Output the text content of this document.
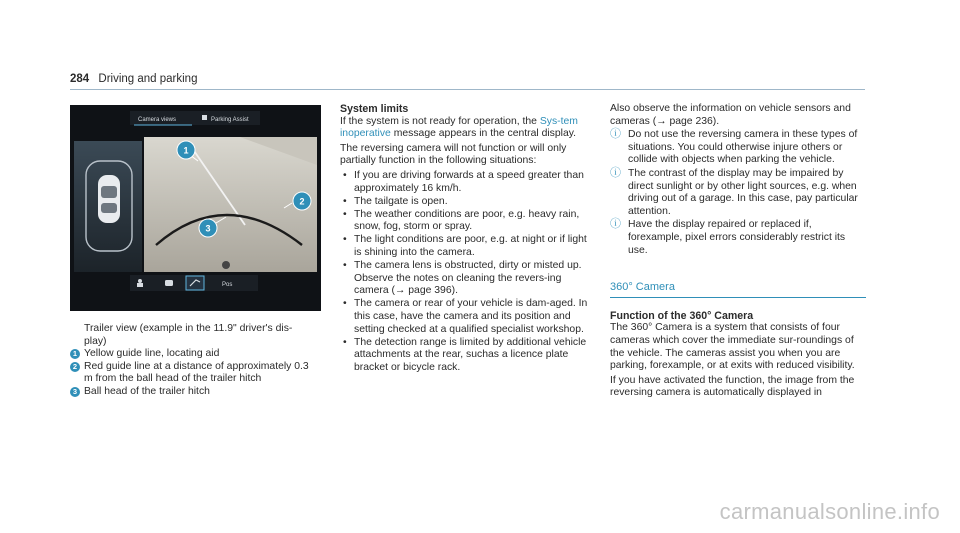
284 Driving and parking
Camera views	Parking Assist
1
2
3
Pos
Trailer view (example in the 11.9" driver's dis-
play)
1 Yellow guide line, locating aid
2 Red guide line at a distance of approximately 0.3 m from the ball head of the trailer hitch
3 Ball head of the trailer hitch
System limits

If the system is not ready for operation, the Sys-tem inoperative message appears in the central display.

The reversing camera will not function or will only partially function in the following situations:

• If you are driving forwards at a speed greater than approximately 16 km/h.
• The tailgate is open.
• The weather conditions are poor, e.g. heavy rain, snow, fog, storm or spray.
• The light conditions are poor, e.g. at night or if light is shining into the camera.
• The camera lens is obstructed, dirty or misted up. Observe the notes on cleaning the revers-ing camera (→ page 396).
• The camera or rear of your vehicle is dam-aged. In this case, have the camera and its position and setting checked at a qualified specialist workshop.
• The detection range is limited by additional vehicle attachments at the rear, suchas a licence plate bracket or bicycle rack.

Also observe the information on vehicle sensors and cameras (→ page 236).

ⓘ Do not use the reversing camera in these types of situations. You could otherwise injure others or collide with objects when parking the vehicle.
ⓘ The contrast of the display may be impaired by direct sunlight or by other light sources, e.g. when driving out of a garage. In this case, pay particular attention.
ⓘ Have the display repaired or replaced if, forexample, pixel errors considerably restrict its use.
360° Camera
Function of the 360° Camera

The 360° Camera is a system that consists of four cameras which cover the immediate sur-roundings of the vehicle. The cameras assist you when you are parking, forexample, or at exits with reduced visibility.

If you have activated the function, the image from the reversing camera is automatically displayed in

carmanualsonline.info
